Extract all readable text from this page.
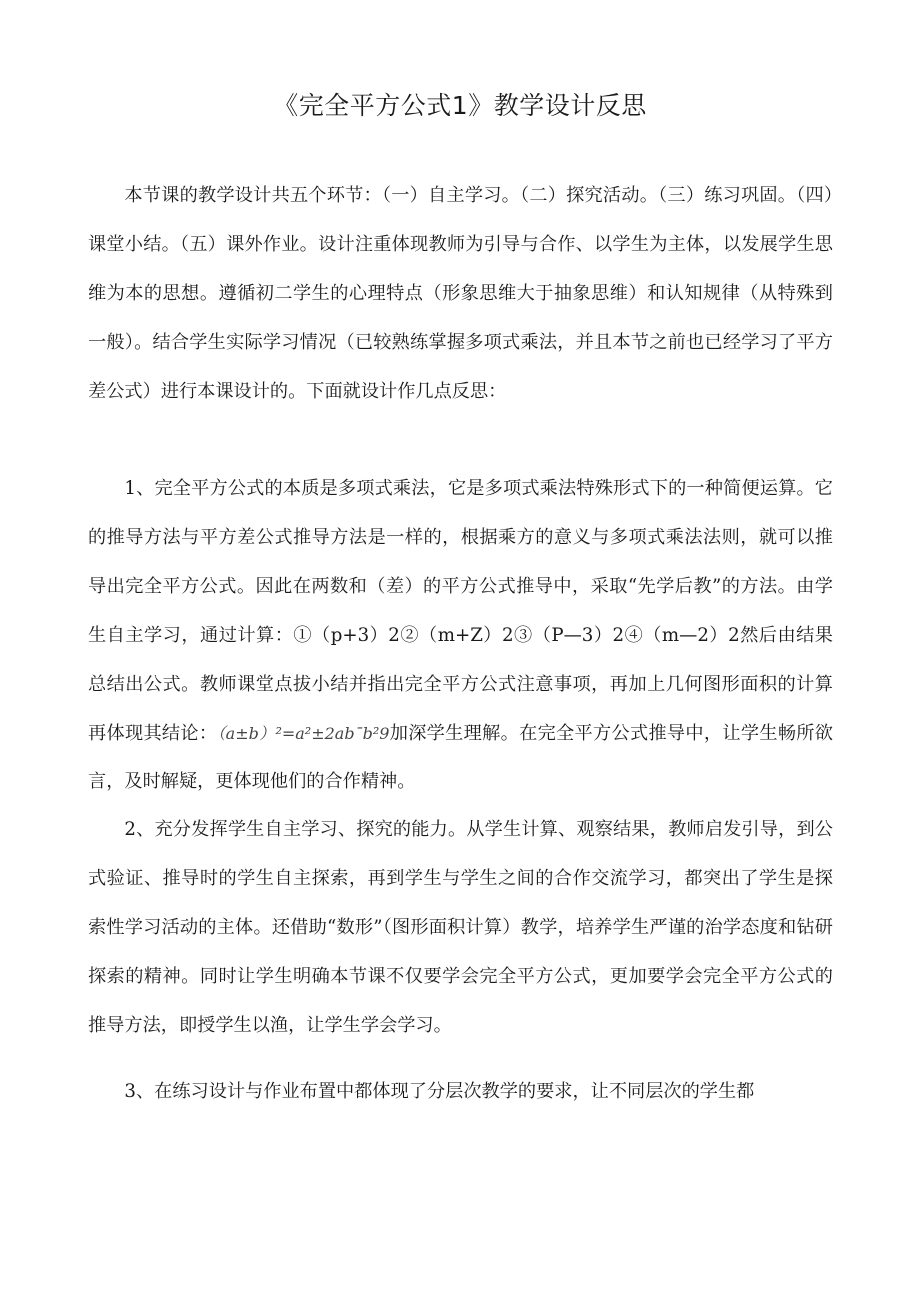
《完全平方公式1》教学设计反思

本节课的教学设计共五个环节：（一）自主学习。（二）探究活动。（三）练习巩固。（四）课堂小结。（五）课外作业。设计注重体现教师为引导与合作、以学生为主体，以发展学生思维为本的思想。遵循初二学生的心理特点（形象思维大于抽象思维）和认知规律（从特殊到一般）。结合学生实际学习情况（已较熟练掌握多项式乘法，并且本节之前也已经学习了平方差公式）进行本课设计的。下面就设计作几点反思：

1、完全平方公式的本质是多项式乘法，它是多项式乘法特殊形式下的一种简便运算。它的推导方法与平方差公式推导方法是一样的，根据乘方的意义与多项式乘法法则，就可以推导出完全平方公式。因此在两数和（差）的平方公式推导中，采取“先学后教”的方法。由学生自主学习，通过计算：①（p+3）2②（m+Z）2③（P—3）2④（m—2）2然后由结果总结出公式。教师课堂点拔小结并指出完全平方公式注意事项，再加上几何图形面积的计算再体现其结论：（a±b）²=a²±2ab¯b²9加深学生理解。在完全平方公式推导中，让学生畅所欲言，及时解疑，更体现他们的合作精神。

2、充分发挥学生自主学习、探究的能力。从学生计算、观察结果，教师启发引导，到公式验证、推导时的学生自主探索，再到学生与学生之间的合作交流学习，都突出了学生是探索性学习活动的主体。还借助“数形”（图形面积计算）教学，培养学生严谨的治学态度和钻研探索的精神。同时让学生明确本节课不仅要学会完全平方公式，更加要学会完全平方公式的推导方法，即授学生以渔，让学生学会学习。

3、在练习设计与作业布置中都体现了分层次教学的要求，让不同层次的学生都
